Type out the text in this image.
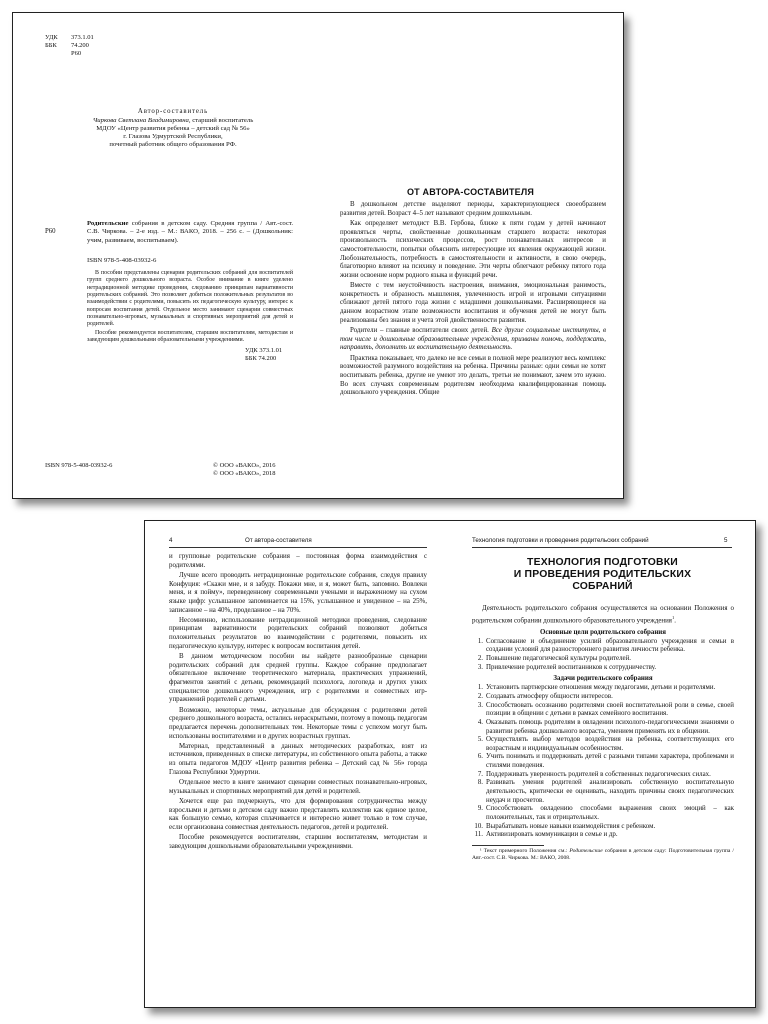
УДК	373.1.01
ББК	74.200
Р60
Автор-составитель
Чиркова Светлана Владимировна, старший воспитатель
МДОУ «Центр развития ребенка – детский сад № 56»
г. Глазова Удмуртской Республики,
почетный работник общего образования РФ.
Р60
Родительские собрания в детском саду. Средняя группа / Авт.-сост. С.В. Чиркова. – 2-е изд. – М.: ВАКО, 2018. – 256 с. – (Дошкольник: учим, развиваем, воспитываем).
ISBN 978-5-408-03932-6

В пособии представлены сценарии родительских собраний для воспитателей групп среднего дошкольного возраста. Особое внимание в книге уделено нетрадиционной методике проведения, следованию принципам вариативности родительских собраний. Это позволяет добиться положительных результатов во взаимодействии с родителями, повысить их педагогическую культуру, интерес к вопросам воспитания детей. Отдельное место занимают сценарии совместных познавательно-игровых, музыкальных и спортивных мероприятий для детей и родителей.

Пособие рекомендуется воспитателям, старшим воспитателям, методистам и заведующим дошкольными образовательными учреждениями.

УДК 373.1.01
ББК 74.200
ISBN 978-5-408-03932-6	© ООО «ВАКО», 2016
© ООО «ВАКО», 2018
ОТ АВТОРА-СОСТАВИТЕЛЯ

В дошкольном детстве выделяют периоды, характеризующиеся своеобразием развития детей. Возраст 4–5 лет называют средним дошкольным.

Как определяет методист В.В. Гербова, ближе к пяти годам у детей начинают проявляться черты, свойственные дошкольникам старшего возраста: некоторая произвольность психических процессов, рост познавательных интересов и самостоятельности, попытки объяснить интересующие их явления окружающей жизни. Любознательность, потребность в самостоятельности и активности, в свою очередь, благотворно влияют на психику и поведение. Эти черты облегчают ребенку пятого года жизни освоение норм родного языка и функций речи.

Вместе с тем неустойчивость настроения, внимания, эмоциональная ранимость, конкретность и образность мышления, увлеченность игрой и игровыми ситуациями сближают детей пятого года жизни с младшими дошкольниками. Расширяющиеся на данном возрастном этапе возможности воспитания и обучения детей не могут быть реализованы без знания и учета этой двойственности развития.

Родители – главные воспитатели своих детей. Все другие социальные институты, в том числе и дошкольные образовательные учреждения, призваны помочь, поддержать, направить, дополнить их воспитательную деятельность.

Практика показывает, что далеко не все семьи в полной мере реализуют весь комплекс возможностей разумного воздействия на ребенка. Причины разные: одни семьи не хотят воспитывать ребенка, другие не умеют это делать, третьи не понимают, зачем это нужно. Во всех случаях современным родителям необходима квалифицированная помощь дошкольного учреждения. Общие

4	От автора-составителя

и групповые родительские собрания – постоянная форма взаимодействия с родителями.

Лучше всего проводить нетрадиционные родительские собрания, следуя правилу Конфуция: «Скажи мне, и я забуду. Покажи мне, и я, может быть, запомню. Вовлеки меня, и я пойму», переведенному современными учеными и выраженному на сухом языке цифр: услышанное запоминается на 15%, услышанное и увиденное – на 25%, записанное – на 40%, проделанное – на 70%.

Несомненно, использование нетрадиционной методики проведения, следование принципам вариативности родительских собраний позволяют добиться положительных результатов во взаимодействии с родителями, повысить их педагогическую культуру, интерес к вопросам воспитания детей.

В данном методическом пособии вы найдете разнообразные сценарии родительских собраний для средней группы. Каждое собрание предполагает обязательное включение теоретического материала, практических упражнений, фрагментов занятий с детьми, рекомендаций психолога, логопеда и других узких специалистов дошкольного учреждения, игр с родителями и совместных игр-упражнений родителей с детьми.

Возможно, некоторые темы, актуальные для обсуждения с родителями детей среднего дошкольного возраста, остались нераскрытыми, поэтому в помощь педагогам предлагается перечень дополнительных тем. Некоторые темы с успехом могут быть использованы воспитателями и в других возрастных группах.

Материал, представленный в данных методических разработках, взят из источников, приведенных в списке литературы, из собственного опыта работы, а также из опыта педагогов МДОУ «Центр развития ребенка – Детский сад № 56» города Глазова Республики Удмуртии.

Отдельное место в книге занимают сценарии совместных познавательно-игровых, музыкальных и спортивных мероприятий для детей и родителей.

Хочется еще раз подчеркнуть, что для формирования сотрудничества между взрослыми и детьми в детском саду важно представлять коллектив как единое целое, как большую семью, которая сплачивается и интересно живет только в том случае, если организована совместная деятельность педагогов, детей и родителей.

Пособие рекомендуется воспитателям, старшим воспитателям, методистам и заведующим дошкольными образовательными учреждениями.

Технология подготовки и проведения родительских собраний	5
ТЕХНОЛОГИЯ ПОДГОТОВКИ
И ПРОВЕДЕНИЯ РОДИТЕЛЬСКИХ
СОБРАНИЙ

Деятельность родительского собрания осуществляется на основании Положения о родительском собрании дошкольного образовательного учреждения$^1$.

Основные цели родительского собрания
1. Согласование и объединение усилий образовательного учреждения и семьи в создании условий для разностороннего развития личности ребенка.
2. Повышение педагогической культуры родителей.
3. Привлечение родителей воспитанников к сотрудничеству.
Задачи родительского собрания
1. Установить партнерские отношения между педагогами, детьми и родителями.
2. Создавать атмосферу общности интересов.
3. Способствовать осознанию родителями своей воспитательной роли в семье, своей позиции в общении с детьми в рамках семейного воспитания.
4. Оказывать помощь родителям в овладении психолого-педагогическими знаниями о развитии ребенка дошкольного возраста, умением применять их в общении.
5. Осуществлять выбор методов воздействия на ребенка, соответствующих его возрастным и индивидуальным особенностям.
6. Учить понимать и поддерживать детей с разными типами характера, проблемами и стилями поведения.
7. Поддерживать уверенность родителей в собственных педагогических силах.
8. Развивать умения родителей анализировать собственную воспитательную деятельность, критически ее оценивать, находить причины своих педагогических неудач и просчетов.
9. Способствовать овладению способами выражения своих эмоций – как положительных, так и отрицательных.
10. Вырабатывать новые навыки взаимодействия с ребенком.
11. Активизировать коммуникации в семье и др.
¹ Текст примерного Положения см.: Родительские собрания в детском саду: Подготовительная группа / Авт.-сост. С.В. Чиркова. М.: ВАКО, 2008.
